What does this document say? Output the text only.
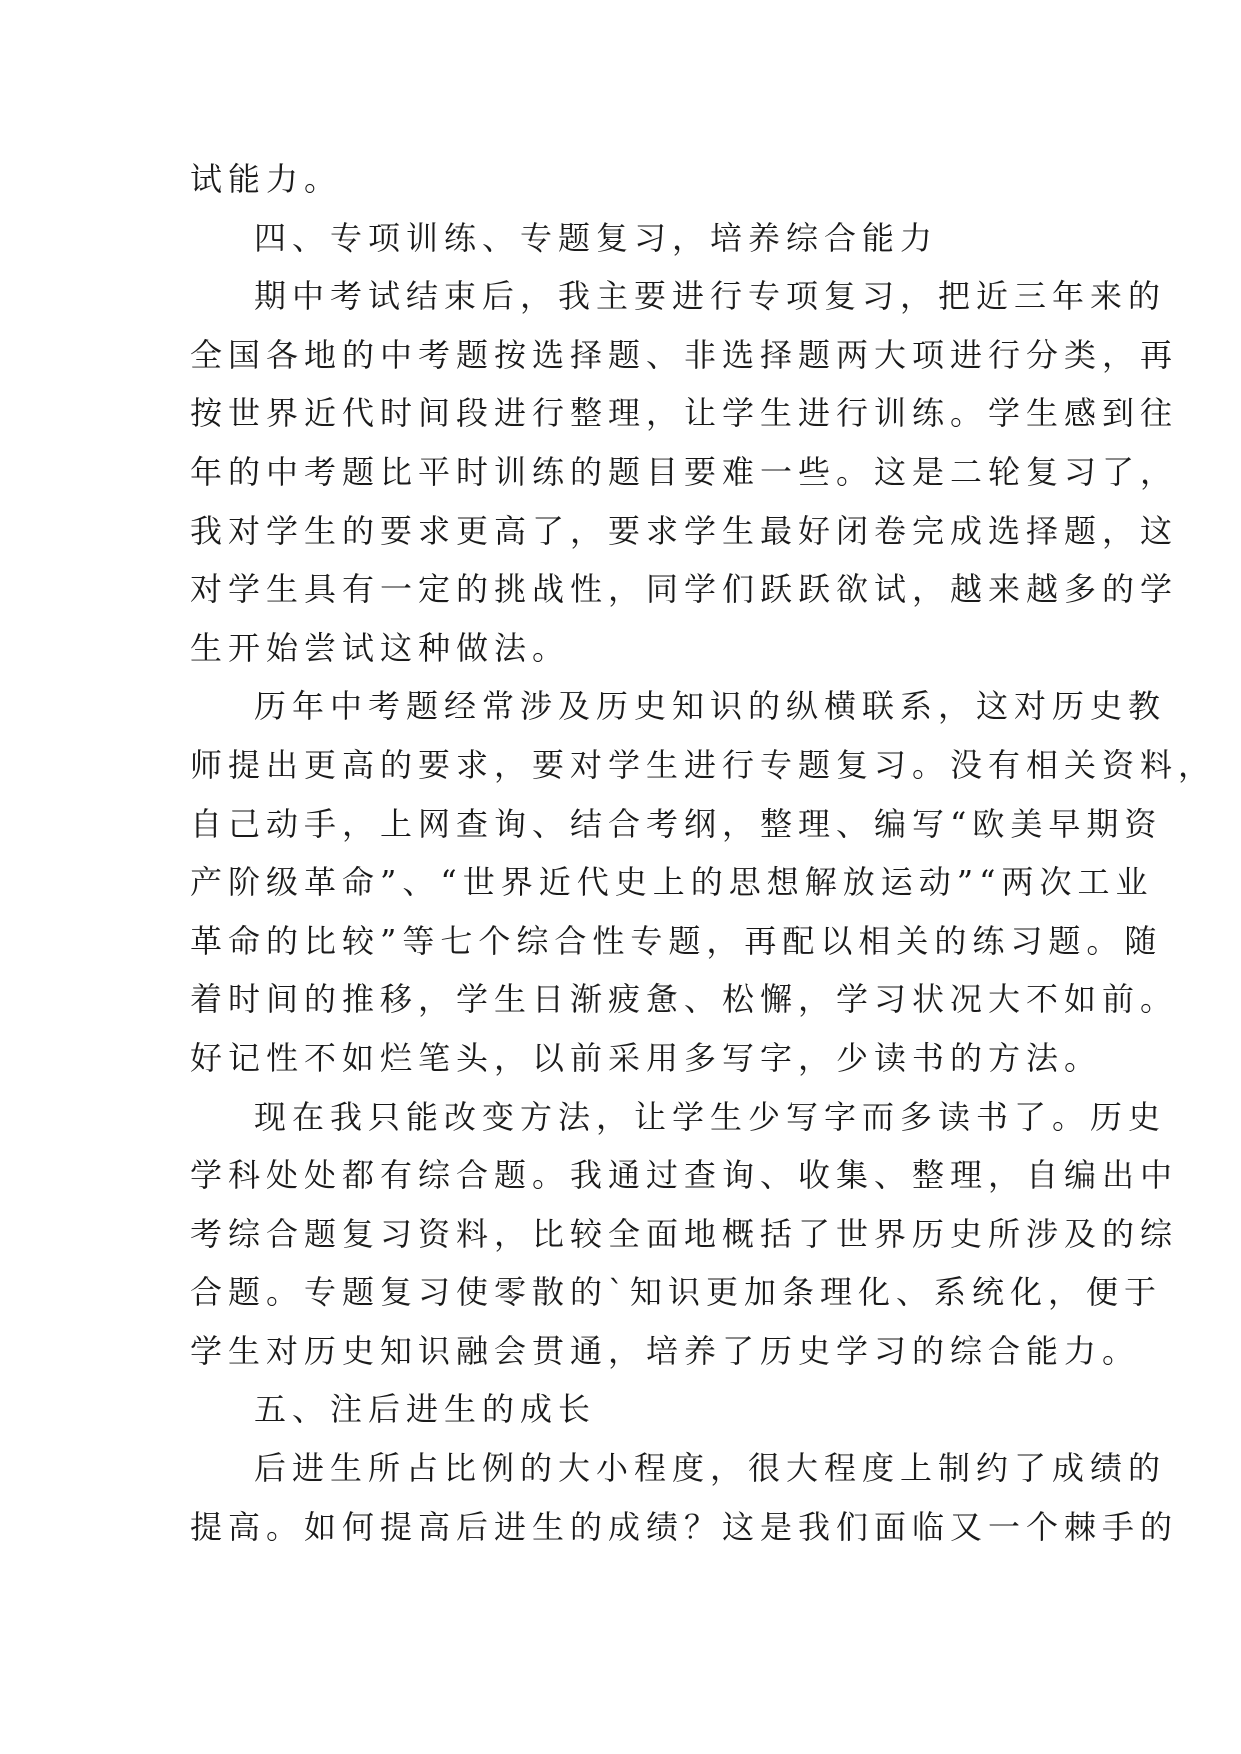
试能力。
四、专项训练、专题复习，培养综合能力
期中考试结束后，我主要进行专项复习，把近三年来的
全国各地的中考题按选择题、非选择题两大项进行分类，再
按世界近代时间段进行整理，让学生进行训练。学生感到往
年的中考题比平时训练的题目要难一些。这是二轮复习了，
我对学生的要求更高了，要求学生最好闭卷完成选择题，这
对学生具有一定的挑战性，同学们跃跃欲试，越来越多的学
生开始尝试这种做法。
历年中考题经常涉及历史知识的纵横联系，这对历史教
师提出更高的要求，要对学生进行专题复习。没有相关资料，
自己动手，上网查询、结合考纲，整理、编写“欧美早期资
产阶级革命”、“世界近代史上的思想解放运动”“两次工业
革命的比较”等七个综合性专题，再配以相关的练习题。随
着时间的推移，学生日渐疲惫、松懈，学习状况大不如前。
好记性不如烂笔头，以前采用多写字，少读书的方法。
现在我只能改变方法，让学生少写字而多读书了。历史
学科处处都有综合题。我通过查询、收集、整理，自编出中
考综合题复习资料，比较全面地概括了世界历史所涉及的综
合题。专题复习使零散的`知识更加条理化、系统化，便于
学生对历史知识融会贯通，培养了历史学习的综合能力。
五、注后进生的成长
后进生所占比例的大小程度，很大程度上制约了成绩的
提高。如何提高后进生的成绩？这是我们面临又一个棘手的
